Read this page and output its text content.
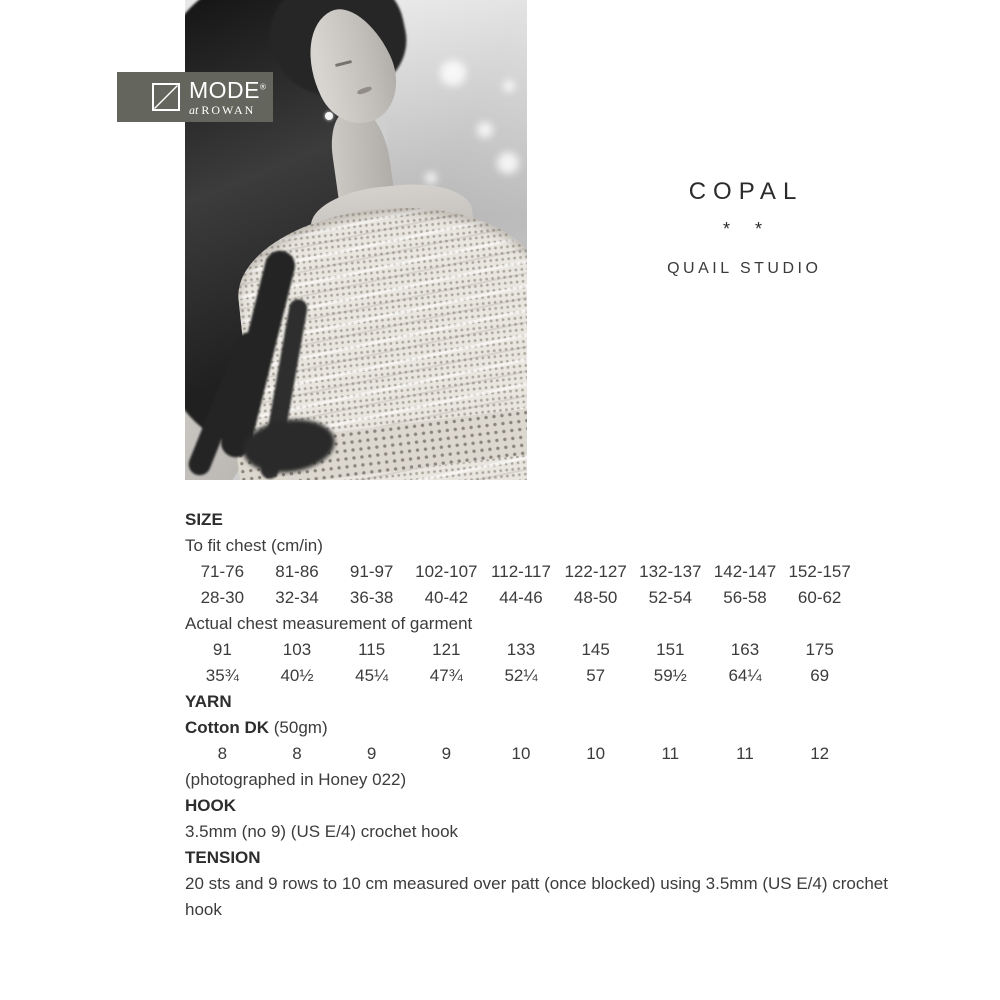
MODE®
at ROWAN
COPAL
* *
QUAIL STUDIO
SIZE

To fit chest (cm/in)

71-76	81-86	91-97	102-107 112-117 122-127 132-137 142-147 152-157
28-30	32-34	36-38	40-42	44-46	48-50	52-54	56-58	60-62

Actual chest measurement of garment

91	103	115	121	133	145	151	163	175
35¾	40½	45¼	47¾	52¼	57	59½	64¼	69
YARN

Cotton DK (50gm)

8	8	9	9	10	10	11	11	12

(photographed in Honey 022)

HOOK

3.5mm (no 9) (US E/4) crochet hook

TENSION

20 sts and 9 rows to 10 cm measured over patt (once blocked) using 3.5mm (US E/4) crochet hook
